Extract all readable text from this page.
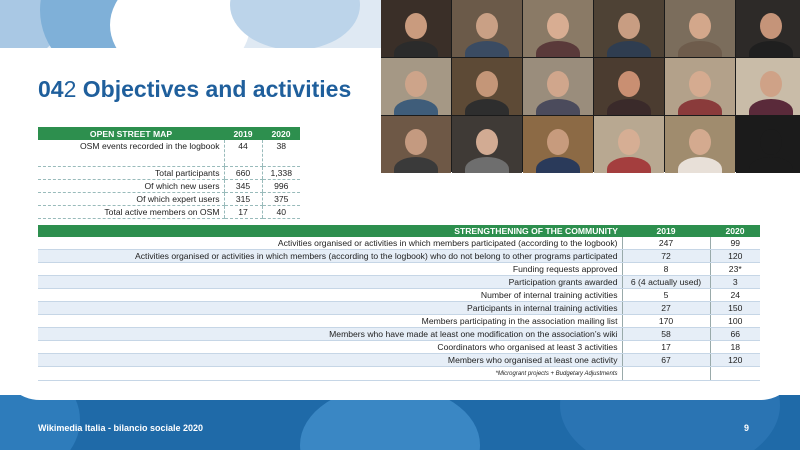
042 Objectives and activities
OPEN STREET MAP	2019	2020
OSM events recorded in the logbook	44	38
Total participants	660	1,338
Of which new users	345	996
Of which expert users	315	375
Total active members on OSM	17	40
STRENGTHENING OF THE COMMUNITY	2019	2020
Activities organised or activities in which members participated (according to the logbook)	247	99
Activities organised or activities in which members (according to the logbook) who do not belong to other programs participated	72	120
Funding requests approved	8	23*
Participation grants awarded	6 (4 actually used)	3
Number of internal training activities	5	24
Participants in internal training activities	27	150
Members participating in the association mailing list	170	100
Members who have made at least one modification on the association’s wiki	58	66
Coordinators who organised at least 3 activities	17	18
Members who organised at least one activity	67	120
*Microgrant projects + Budgetary Adjustments		
Wikimedia Italia - bilancio sociale 2020	9
